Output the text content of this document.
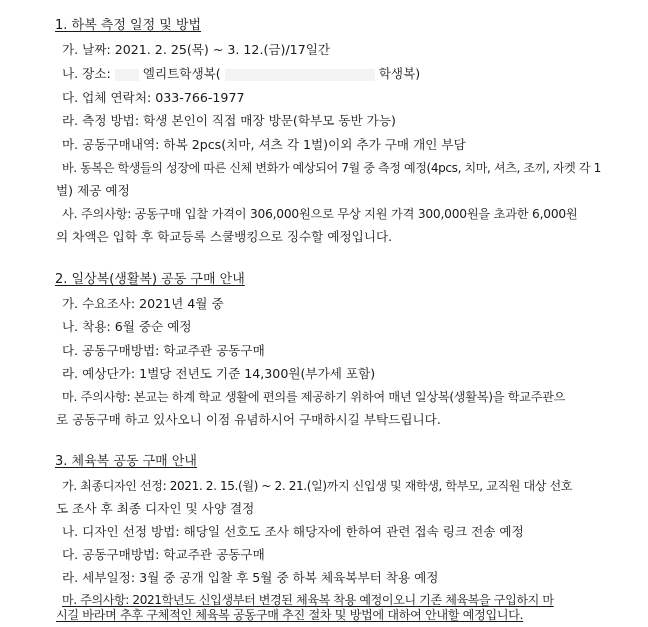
1. 하복 측정 일정 및 방법
가. 날짜: 2021. 2. 25(목) ~ 3. 12.(금)/17일간
나. 장소:	엘리트학생복(	학생복)
다. 업체 연락처: 033-766-1977
라. 측정 방법: 학생 본인이 직접 매장 방문(학부모 동반 가능)
마. 공동구매내역: 하복 2pcs(치마, 셔츠 각 1벌)이외 추가 구매 개인 부담
바. 동복은 학생들의 성장에 따른 신체 변화가 예상되어 7월 중 측정 예정(4pcs, 치마, 셔츠, 조끼, 자켓 각 1
벌) 제공 예정
사. 주의사항: 공동구매 입찰 가격이 306,000원으로 무상 지원 가격 300,000원을 초과한 6,000원
의 차액은 입학 후 학교등록 스쿨뱅킹으로 징수할 예정입니다.
2. 일상복(생활복) 공동 구매 안내
가. 수요조사: 2021년 4월 중
나. 착용: 6월 중순 예정
다. 공동구매방법: 학교주관 공동구매
라. 예상단가: 1벌당 전년도 기준 14,300원(부가세 포함)
마. 주의사항: 본교는 하계 학교 생활에 편의를 제공하기 위하여 매년 일상복(생활복)을 학교주관으
로 공동구매 하고 있사오니 이점 유념하시어 구매하시길 부탁드립니다.
3. 체육복 공동 구매 안내
가. 최종디자인 선정: 2021. 2. 15.(월) ~ 2. 21.(일)까지 신입생 및 재학생, 학부모, 교직원 대상 선호
도 조사 후 최종 디자인 및 사양 결정
나. 디자인 선정 방법: 해당일 선호도 조사 해당자에 한하여 관련 접속 링크 전송 예정
다. 공동구매방법: 학교주관 공동구매
라. 세부일정: 3월 중 공개 입찰 후 5월 중 하복 체육복부터 착용 예정
마. 주의사항: 2021학년도 신입생부터 변경된 체육복 착용 예정이오니 기존 체육복을 구입하지 마
시길 바라며 추후 구체적인 체육복 공동구매 추진 절차 및 방법에 대하여 안내할 예정입니다.
